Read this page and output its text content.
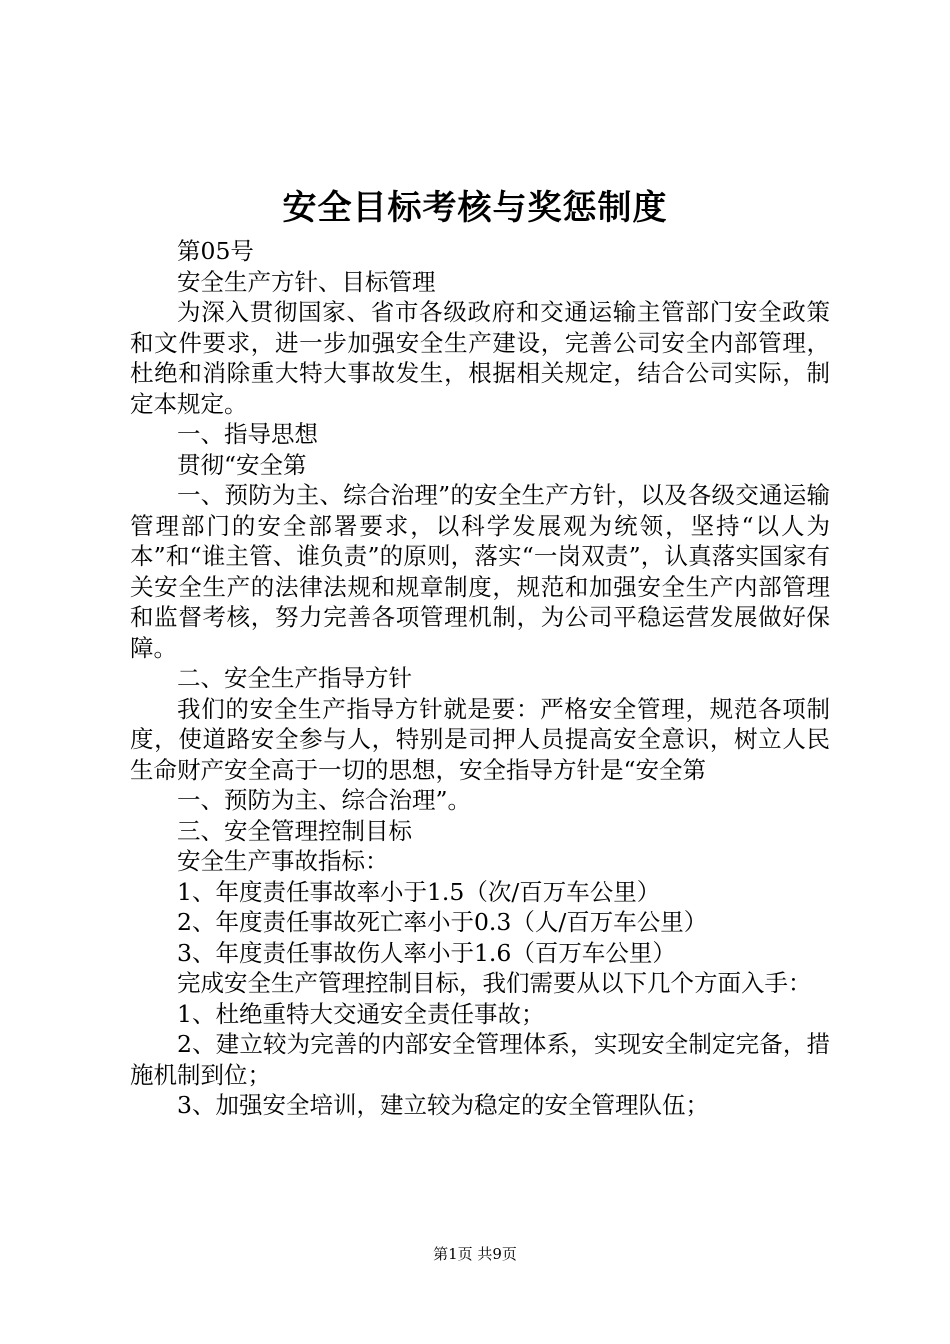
安全目标考核与奖惩制度

第05号

安全生产方针、目标管理

为深入贯彻国家、省市各级政府和交通运输主管部门安全政策和文件要求，进一步加强安全生产建设，完善公司安全内部管理，杜绝和消除重大特大事故发生，根据相关规定，结合公司实际，制定本规定。

一、指导思想

贯彻“安全第

一、预防为主、综合治理”的安全生产方针，以及各级交通运输管理部门的安全部署要求，以科学发展观为统领，坚持“以人为本”和“谁主管、谁负责”的原则，落实“一岗双责”，认真落实国家有关安全生产的法律法规和规章制度，规范和加强安全生产内部管理和监督考核，努力完善各项管理机制，为公司平稳运营发展做好保障。

二、安全生产指导方针

我们的安全生产指导方针就是要：严格安全管理，规范各项制度，使道路安全参与人，特别是司押人员提高安全意识，树立人民生命财产安全高于一切的思想，安全指导方针是“安全第

一、预防为主、综合治理”。

三、安全管理控制目标

安全生产事故指标：

1、年度责任事故率小于1.5（次/百万车公里）

2、年度责任事故死亡率小于0.3（人/百万车公里）

3、年度责任事故伤人率小于1.6（百万车公里）

完成安全生产管理控制目标，我们需要从以下几个方面入手：

1、杜绝重特大交通安全责任事故；

2、建立较为完善的内部安全管理体系，实现安全制定完备，措施机制到位；

3、加强安全培训，建立较为稳定的安全管理队伍；

第1页 共9页
